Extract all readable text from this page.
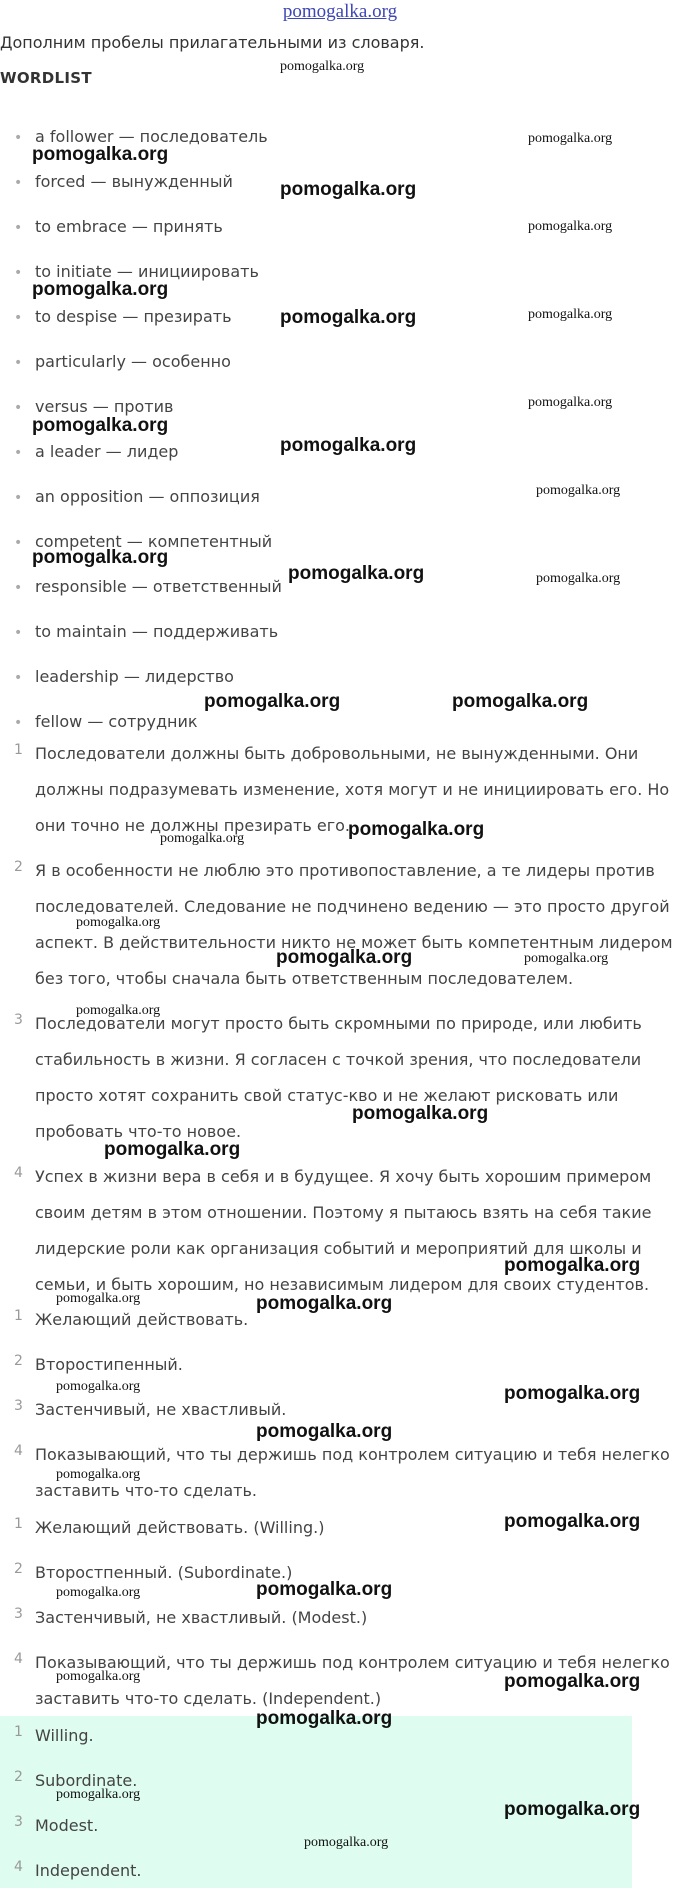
pomogalka.org
Дополним пробелы прилагательными из словаря.
WORDLIST
• a follower — последователь
• forced — вынужденный
• to embrace — принять
• to initiate — инициировать
• to despise — презирать
• particularly — особенно
• versus — против
• a leader — лидер
• an opposition — оппозиция
• competent — компетентный
• responsible — ответственный
• to maintain — поддерживать
• leadership — лидерство
• fellow — сотрудник
1 Последователи должны быть добровольными, не вынужденными. Они должны подразумевать изменение, хотя могут и не инициировать его. Но они точно не должны презирать его.
2 Я в особенности не люблю это противопоставление, а те лидеры против последователей. Следование не подчинено ведению — это просто другой аспект. В действительности никто не может быть компетентным лидером без того, чтобы сначала быть ответственным последователем.
3 Последователи могут просто быть скромными по природе, или любить стабильность в жизни. Я согласен с точкой зрения, что последователи просто хотят сохранить свой статус-кво и не желают рисковать или пробовать что-то новое.
4 Успех в жизни вера в себя и в будущее. Я хочу быть хорошим примером своим детям в этом отношении. Поэтому я пытаюсь взять на себя такие лидерские роли как организация событий и мероприятий для школы и семьи, и быть хорошим, но независимым лидером для своих студентов.
1 Желающий действовать.
2 Второстипенный.
3 Застенчивый, не хвастливый.
4 Показывающий, что ты держишь под контролем ситуацию и тебя нелегко заставить что-то сделать.
1 Желающий действовать. (Willing.)
2 Второстпенный. (Subordinate.)
3 Застенчивый, не хвастливый. (Modest.)
4 Показывающий, что ты держишь под контролем ситуацию и тебя нелегко заставить что-то сделать. (Independent.)
1 Willing.
2 Subordinate.
3 Modest.
4 Independent.
pomogalka.org
pomogalka.org
pomogalka.org
pomogalka.org
pomogalka.org
pomogalka.org
pomogalka.org	pomogalka.org
pomogalka.org
pomogalka.org
pomogalka.org
pomogalka.org
pomogalka.org
pomogalka.org	pomogalka.org
pomogalka.org	pomogalka.org
pomogalka.org
pomogalka.org
pomogalka.org
pomogalka.org	pomogalka.org
pomogalka.org
pomogalka.org
pomogalka.org
pomogalka.org
pomogalka.org	pomogalka.org
pomogalka.org	pomogalka.org
pomogalka.org
pomogalka.org
pomogalka.org
pomogalka.org
pomogalka.org
pomogalka.org	pomogalka.org
pomogalka.org
pomogalka.org
pomogalka.org
pomogalka.org
